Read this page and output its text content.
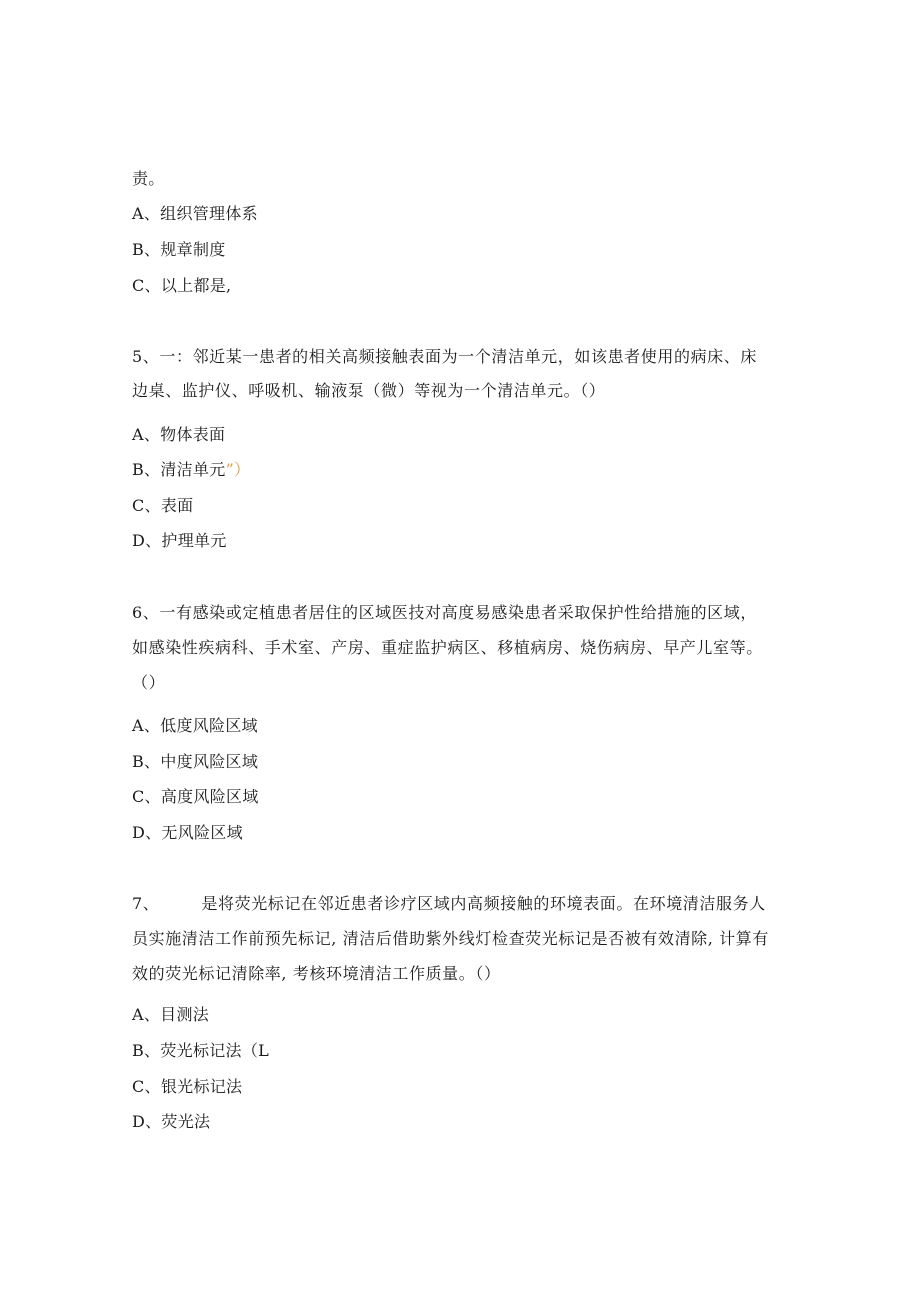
责。

A、组织管理体系

B、规章制度

C、以上都是,

5、一：邻近某一患者的相关高频接触表面为一个清洁单元，如该患者使用的病床、床

边桌、监护仪、呼吸机、输液泵（微）等视为一个清洁单元。（）

A、物体表面

B、清洁单元”）

C、表面

D、护理单元

6、一有感染或定植患者居住的区域医技对高度易感染患者采取保护性给措施的区域，

如感染性疾病科、手术室、产房、重症监护病区、移植病房、烧伤病房、早产儿室等。

（）

A、低度风险区域

B、中度风险区域

C、高度风险区域

D、无风险区域

7、	是将荧光标记在邻近患者诊疗区域内高频接触的环境表面。在环境清洁服务人

员实施清洁工作前预先标记, 清洁后借助紫外线灯检查荧光标记是否被有效清除, 计算有

效的荧光标记清除率, 考核环境清洁工作质量。（）

A、目测法

B、荧光标记法（L

C、银光标记法

D、荧光法
